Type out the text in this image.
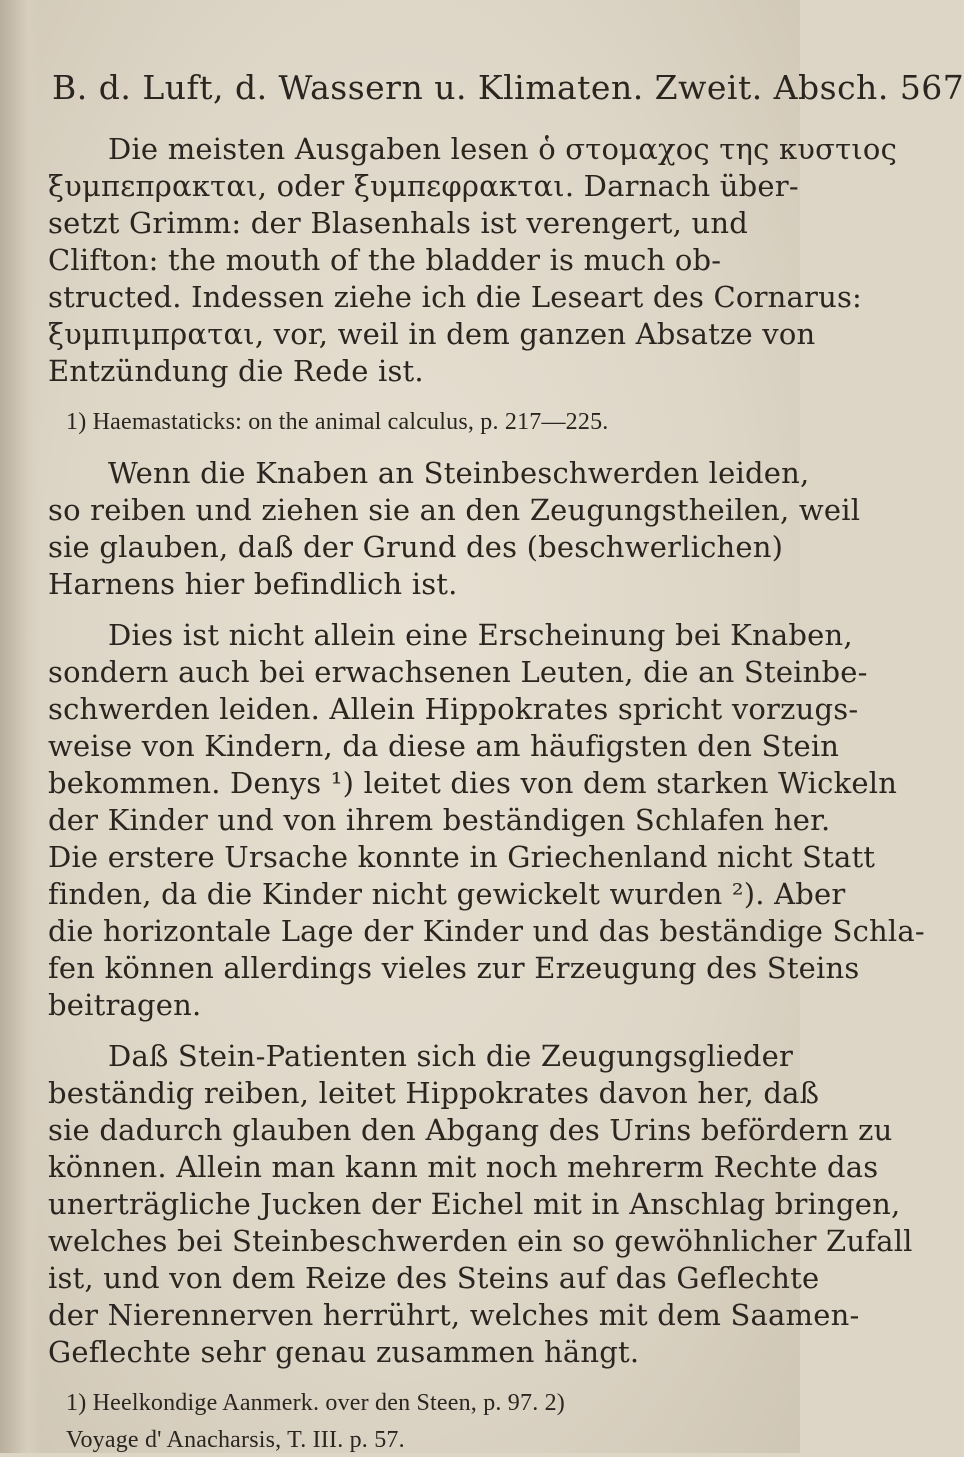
B. d. Luft, d. Wassern u. Klimaten. Zweit. Absch. 567
Die meisten Ausgaben lesen ὁ στομαχος της κυστιος
ξυμπεπρακται, oder ξυμπεφρακται. Darnach über-
setzt Grimm: der Blasenhals ist verengert, und
Clifton: the mouth of the bladder is much ob-
structed. Indessen ziehe ich die Leseart des Cornarus:
ξυμπιμπραται, vor, weil in dem ganzen Absatze von
Entzündung die Rede ist.
1) Haemastaticks: on the animal calculus, p. 217—225.
Wenn die Knaben an Steinbeschwerden leiden,
so reiben und ziehen sie an den Zeugungstheilen, weil
sie glauben, daß der Grund des (beschwerlichen)
Harnens hier befindlich ist.
Dies ist nicht allein eine Erscheinung bei Knaben,
sondern auch bei erwachsenen Leuten, die an Steinbe-
schwerden leiden. Allein Hippokrates spricht vorzugs-
weise von Kindern, da diese am häufigsten den Stein
bekommen. Denys ¹) leitet dies von dem starken Wickeln
der Kinder und von ihrem beständigen Schlafen her.
Die erstere Ursache konnte in Griechenland nicht Statt
finden, da die Kinder nicht gewickelt wurden ²). Aber
die horizontale Lage der Kinder und das beständige Schla-
fen können allerdings vieles zur Erzeugung des Steins
beitragen.
Daß Stein-Patienten sich die Zeugungsglieder
beständig reiben, leitet Hippokrates davon her, daß
sie dadurch glauben den Abgang des Urins befördern zu
können. Allein man kann mit noch mehrerm Rechte das
unerträgliche Jucken der Eichel mit in Anschlag bringen,
welches bei Steinbeschwerden ein so gewöhnlicher Zufall
ist, und von dem Reize des Steins auf das Geflechte
der Nierennerven herrührt, welches mit dem Saamen-
Geflechte sehr genau zusammen hängt.
1) Heelkondige Aanmerk. over den Steen, p. 97. 2)
Voyage d' Anacharsis, T. III. p. 57.
